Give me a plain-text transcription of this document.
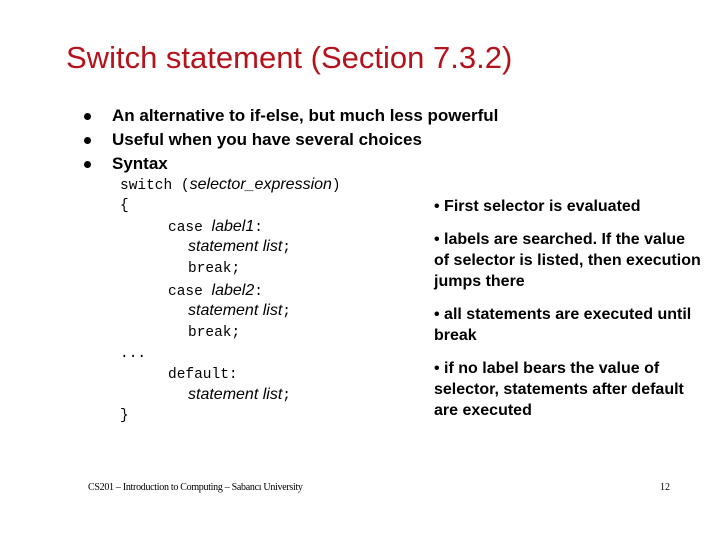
Switch statement (Section 7.3.2)
An alternative to if-else, but much less powerful
Useful when you have several choices
Syntax
switch (selector_expression)
{
case label1:
statement list;
break;
case label2:
statement list;
break;
...
default:
statement list;
}
• First selector is evaluated
• labels are searched. If the value of selector is listed, then execution jumps there
• all statements are executed until break
• if no label bears the value of selector, statements after default are executed
CS201 – Introduction to Computing – Sabancı University	12
